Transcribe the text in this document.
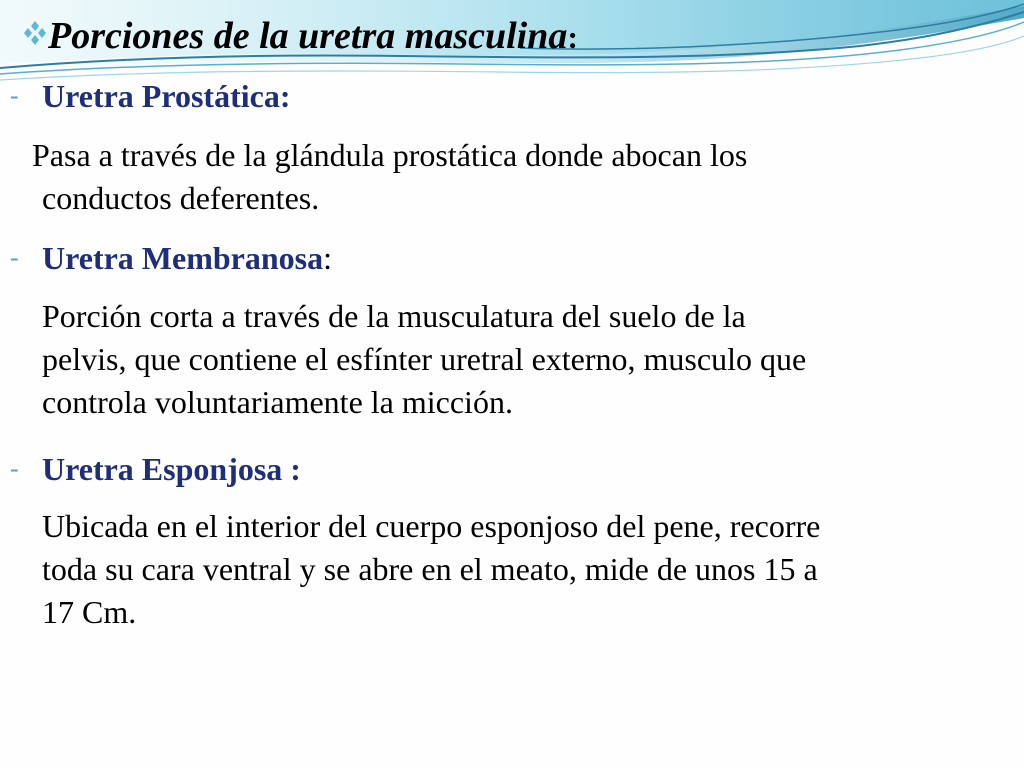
Porciones de la uretra masculina:
- Uretra Prostática:
Pasa a través de la glándula prostática donde abocan los
conductos deferentes.
- Uretra Membranosa:
Porción corta a través de la musculatura del suelo de la
pelvis, que contiene el esfínter uretral externo, musculo que
controla voluntariamente la micción.
- Uretra Esponjosa :
Ubicada en el interior del cuerpo esponjoso del pene, recorre
toda su cara ventral y se abre en el meato, mide de unos 15 a
17 Cm.
